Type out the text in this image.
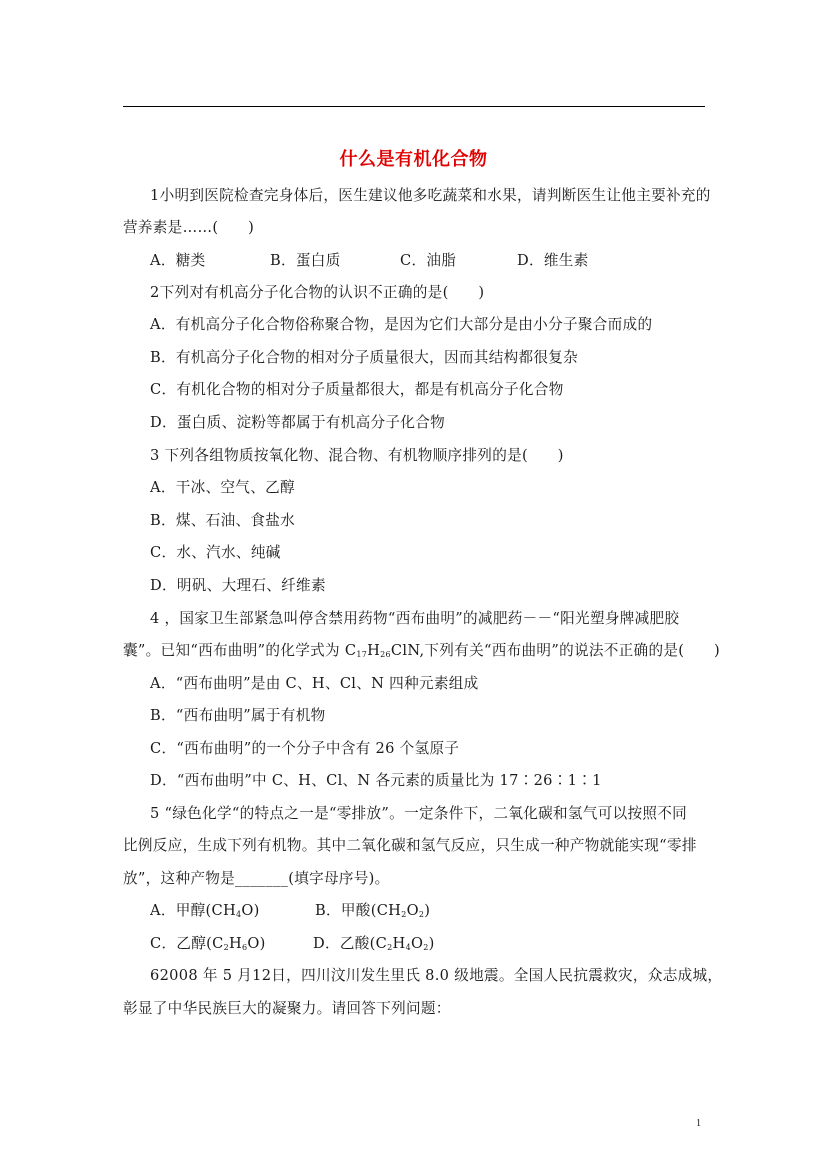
什么是有机化合物
1小明到医院检查完身体后，医生建议他多吃蔬菜和水果，请判断医生让他主要补充的
营养素是……(　　)
A．糖类	B．蛋白质	C．油脂	D．维生素
2下列对有机高分子化合物的认识不正确的是(　　)
A．有机高分子化合物俗称聚合物，是因为它们大部分是由小分子聚合而成的
B．有机高分子化合物的相对分子质量很大，因而其结构都很复杂
C．有机化合物的相对分子质量都很大，都是有机高分子化合物
D．蛋白质、淀粉等都属于有机高分子化合物
3 下列各组物质按氧化物、混合物、有机物顺序排列的是(　　)
A．干冰、空气、乙醇
B．煤、石油、食盐水
C．水、汽水、纯碱
D．明矾、大理石、纤维素
4 ，国家卫生部紧急叫停含禁用药物“西布曲明”的减肥药－－“阳光塑身牌减肥胶
囊”。已知“西布曲明”的化学式为 $C_{17}H_{26}ClN$,下列有关“西布曲明”的说法不正确的是(　　)
A．“西布曲明”是由 C、H、Cl、N 四种元素组成
B．“西布曲明”属于有机物
C．“西布曲明”的一个分子中含有 26 个氢原子
D．“西布曲明”中 C、H、Cl、N 各元素的质量比为 17∶26∶1∶1
5 “绿色化学“的特点之一是“零排放”。一定条件下，二氧化碳和氢气可以按照不同
比例反应，生成下列有机物。其中二氧化碳和氢气反应，只生成一种产物就能实现“零排
放”，这种产物是_______(填字母序号)。
A．甲醇$(CH_4O)$	B．甲酸$(CH_2O_2)$
C．乙醇$(C_2H_6O)$	D．乙酸$(C_2H_4O_2)$
62008 年 5 月12日，四川汶川发生里氏 8.0 级地震。全国人民抗震救灾，众志成城，
彰显了中华民族巨大的凝聚力。请回答下列问题：
1
